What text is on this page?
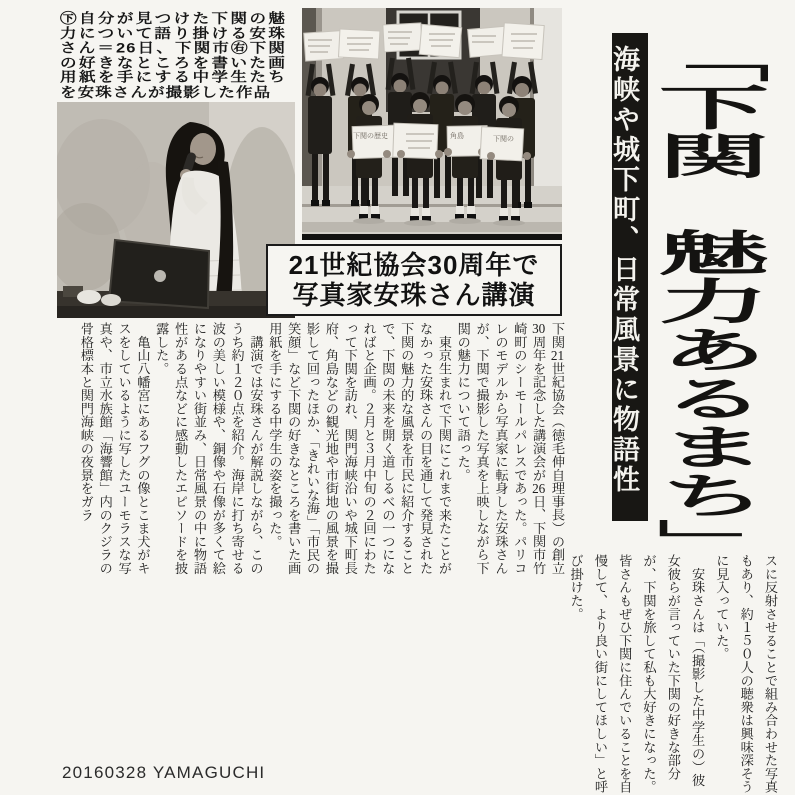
㊦自分が見つけた下関の魅力について語り掛ける安珠さん＝26日、下関市㊨下関の好きなところを書いた画用紙を手にする中学生たちを安珠さんが撮影した作品
下関の歴史	角島	下関の
21世紀協会30周年で
写真家安珠さん講演	海峡や城下町、日常風景に物語性 「下関　魅力あるまち」

下関21世紀協会（徳毛伸自理事長）の創立30周年を記念した講演会が26日、下関市竹崎町のシーモールパレスであった。パリコレのモデルから写真家に転身した安珠さんが、下関で撮影した写真を上映しながら下関の魅力について語った。

　東京生まれで下関にこれまで来たことがなかった安珠さんの目を通して発見された下関の魅力的な風景を市民に紹介することで、下関の未来を開く道しるべの一つになればと企画。２月と３月中旬の２回にわたって下関を訪れ、関門海峡沿いや城下町長府、角島などの観光地や市街地の風景を撮影して回ったほか、「きれいな海」「市民の笑顔」など下関の好きなところを書いた画用紙を手にする中学生の姿を撮った。

　講演では安珠さんが解説しながら、このうち約１２０点を紹介。海岸に打ち寄せる波の美しい模様や、銅像や石像が多くて絵になりやすい街並み、日常風景の中に物語性がある点などに感動したエピソードを披露した。

　亀山八幡宮にあるフグの像とこま犬がキスをしているように写したユーモラスな写真や、市立水族館「海響館」内のクジラの骨格標本と関門海峡の夜景をガラ

スに反射させることで組み合わせた写真もあり、約１５０人の聴衆は興味深そうに見入っていた。

　安珠さんは「（撮影した中学生の）彼女彼らが言っていた下関の好きな部分が、下関を旅して私も大好きになった。皆さんもぜひ下関に住んでいることを自慢して、より良い街にしてほしい」と呼び掛けた。

20160328 YAMAGUCHI
